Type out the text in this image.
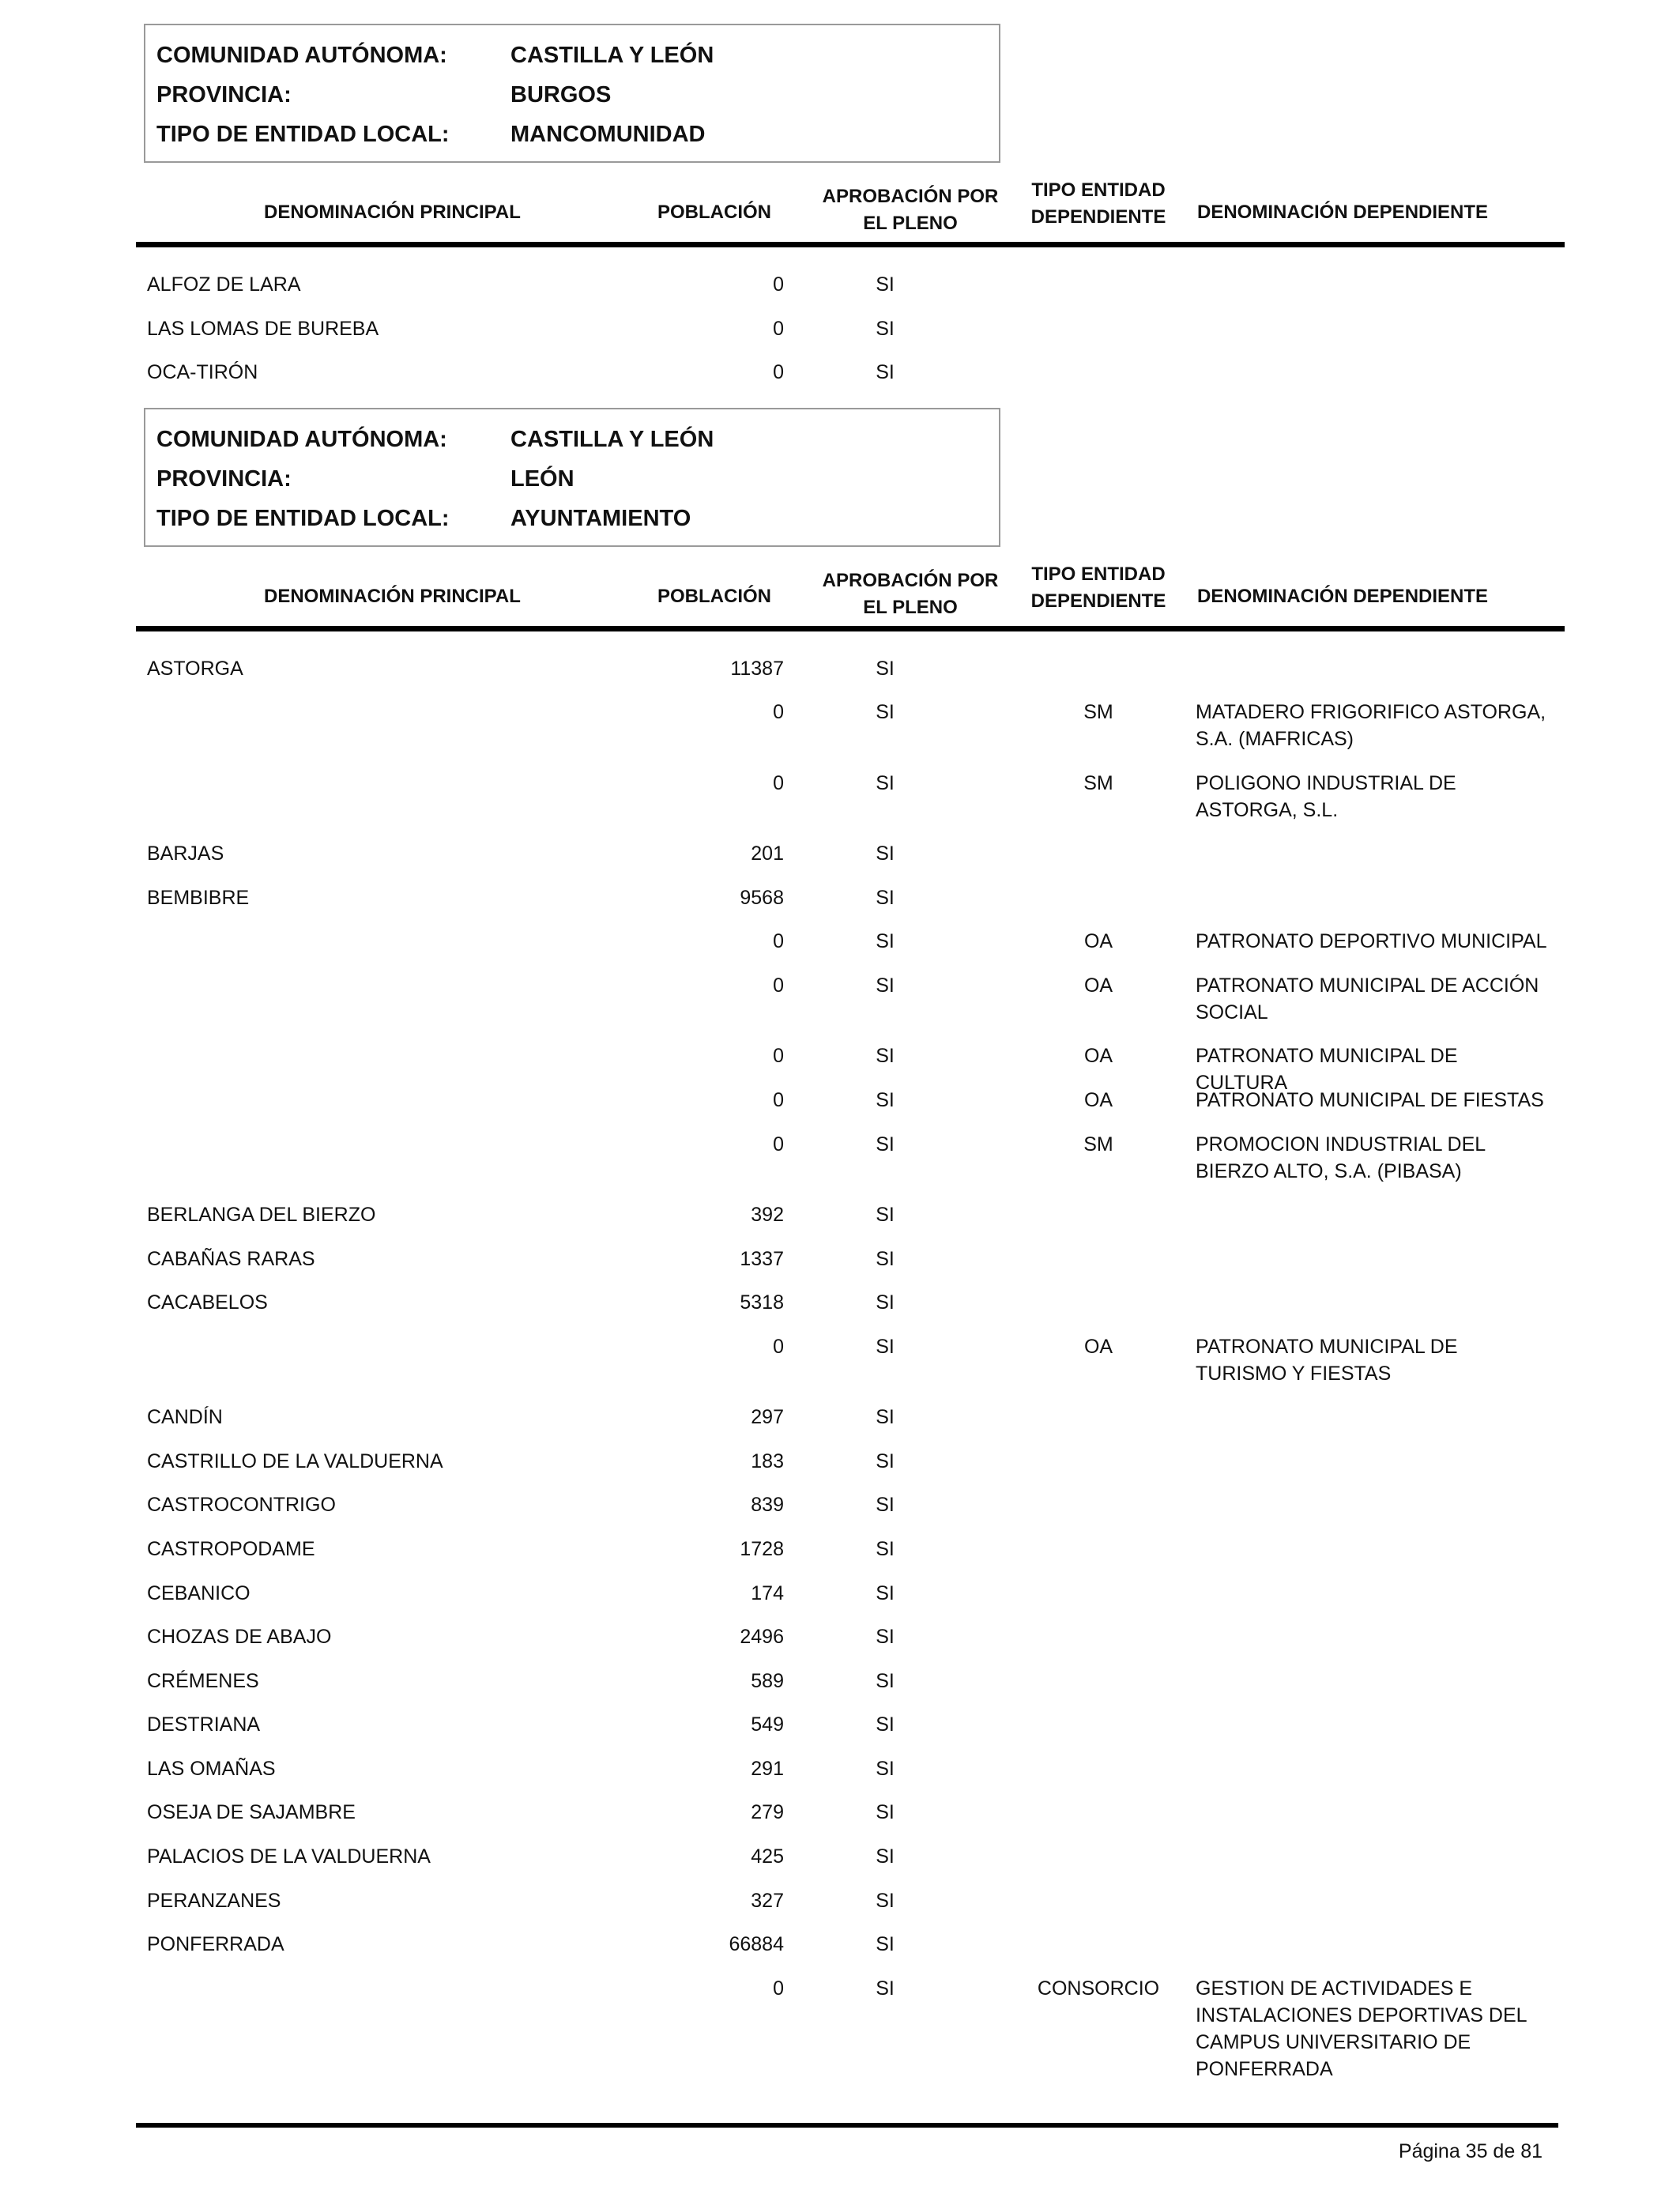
COMUNIDAD AUTÓNOMA:	CASTILLA Y LEÓN
PROVINCIA:	BURGOS
TIPO DE ENTIDAD LOCAL:	MANCOMUNIDAD
DENOMINACIÓN PRINCIPAL	POBLACIÓN
APROBACIÓN POR
EL PLENO
TIPO ENTIDAD
DEPENDIENTE	DENOMINACIÓN DEPENDIENTE
ALFOZ DE LARA	0	SI
LAS LOMAS DE BUREBA	0	SI
OCA-TIRÓN	0	SI
COMUNIDAD AUTÓNOMA:	CASTILLA Y LEÓN
PROVINCIA:	LEÓN
TIPO DE ENTIDAD LOCAL:	AYUNTAMIENTO
DENOMINACIÓN PRINCIPAL	POBLACIÓN
APROBACIÓN POR
EL PLENO
TIPO ENTIDAD
DEPENDIENTE	DENOMINACIÓN DEPENDIENTE
ASTORGA	11387	SI
0	SI	SM	MATADERO FRIGORIFICO ASTORGA, S.A. (MAFRICAS)
0	SI	SM	POLIGONO INDUSTRIAL DE ASTORGA, S.L.
BARJAS	201	SI
BEMBIBRE	9568	SI
0	SI	OA	PATRONATO DEPORTIVO MUNICIPAL
0	SI	OA	PATRONATO MUNICIPAL DE ACCIÓN SOCIAL
0	SI	OA	PATRONATO MUNICIPAL DE CULTURA
0	SI	OA	PATRONATO MUNICIPAL DE FIESTAS
0	SI	SM	PROMOCION INDUSTRIAL DEL BIERZO ALTO, S.A. (PIBASA)
BERLANGA DEL BIERZO	392	SI
CABAÑAS RARAS	1337	SI
CACABELOS	5318	SI
0	SI	OA	PATRONATO MUNICIPAL DE TURISMO Y FIESTAS
CANDÍN	297	SI
CASTRILLO DE LA VALDUERNA	183	SI
CASTROCONTRIGO	839	SI
CASTROPODAME	1728	SI
CEBANICO	174	SI
CHOZAS DE ABAJO	2496	SI
CRÉMENES	589	SI
DESTRIANA	549	SI
LAS OMAÑAS	291	SI
OSEJA DE SAJAMBRE	279	SI
PALACIOS DE LA VALDUERNA	425	SI
PERANZANES	327	SI
PONFERRADA	66884	SI
0	SI	CONSORCIO	GESTION DE ACTIVIDADES E INSTALACIONES DEPORTIVAS DEL CAMPUS UNIVERSITARIO DE PONFERRADA
Página 35 de 81
